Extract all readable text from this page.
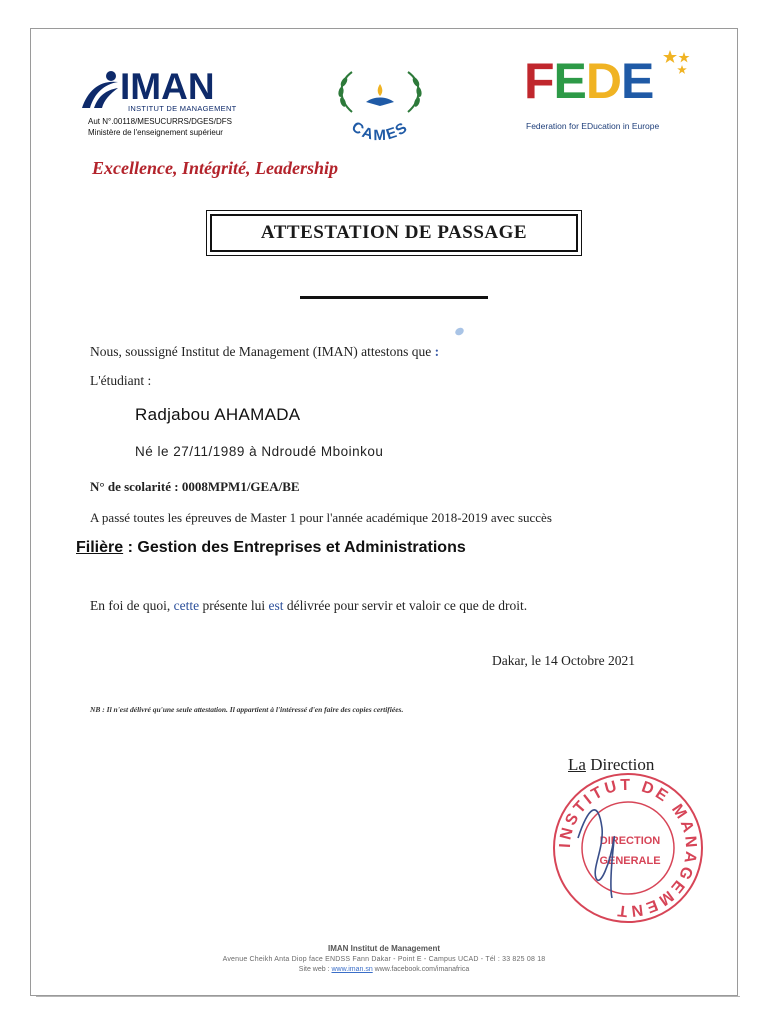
IMAN
INSTITUT DE MANAGEMENT
Aut N°.00118/MESUCURRS/DGES/DFS
Ministère de l'enseignement supérieur	CAMES
FEDE
Federation for EDucation in Europe
Excellence, Intégrité, Leadership
ATTESTATION DE PASSAGE
Nous, soussigné Institut de Management (IMAN) attestons que :
L'étudiant :
Radjabou AHAMADA
Né le 27/11/1989 à Ndroudé Mboinkou
N° de scolarité : 0008MPM1/GEA/BE
A passé toutes les épreuves de Master 1 pour l'année académique 2018-2019 avec succès
Filière : Gestion des Entreprises et Administrations
En foi de quoi, cette présente lui est délivrée pour servir et valoir ce que de droit.
Dakar, le 14 Octobre 2021
NB : Il n'est délivré qu'une seule attestation. Il appartient à l'intéressé d'en faire des copies certifiées.
La Direction
INSTITUT DE MANAGEMENT
DIRECTION
GENERALE
IMAN Institut de Management
Avenue Cheikh Anta Diop face ENDSS Fann Dakar - Point E - Campus UCAD - Tél : 33 825 08 18
Site web : www.iman.sn www.facebook.com/imanafrica
